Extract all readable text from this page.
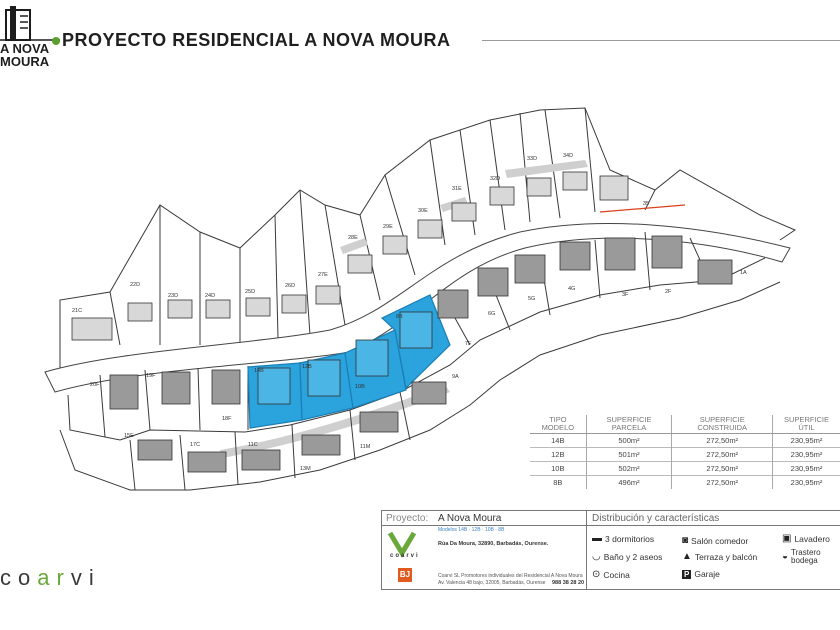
21C
22D
23D	24D
25D
26D
27E
28E
29E
30E
31E
32D
33D	34D
35
20F
19F
18F
14B
12B
10B
8B
7F
6G
5G
4G
3F	2F
1A
15E
17C	11C
13M
11M
9A
A NOVA
MOURA
PROYECTO RESIDENCIAL A NOVA MOURA
coarvi
TIPO MODELO	SUPERFICIE PARCELA	SUPERFICIE CONSTRUIDA	SUPERFICIE ÚTIL
14B	500m²	272,50m²	230,95m²
12B	501m²	272,50m²	230,95m²
10B	502m²	272,50m²	230,95m²
8B	496m²	272,50m²	230,95m²
Proyecto: A Nova Moura
coarvi
BJ
Modelos 14B · 12B · 10B · 8B
Rúa Da Moura, 32890, Barbadás, Ourense.
Coarvi SL Promotores individuales del Residencial A Nova Moura
Av. Valencia 48 bajo, 32005, Barbadás, Ourense 988 38 28 20
Distribución y características
▬ 3 dormitorios	◙ Salón comedor	▣ Lavadero
◡ Baño y 2 aseos ▲ Terraza y balcón ◒ Trastero bodega
⊙ Cocina	P Garaje
